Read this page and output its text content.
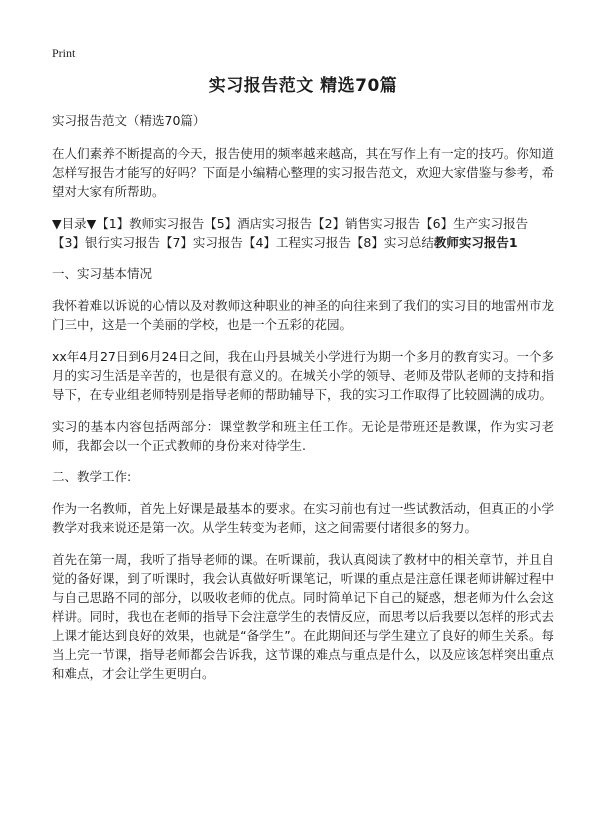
Print
实习报告范文 精选70篇
实习报告范文（精选70篇）

在人们素养不断提高的今天，报告使用的频率越来越高，其在写作上有一定的技巧。你知道怎样写报告才能写的好吗？下面是小编精心整理的实习报告范文，欢迎大家借鉴与参考，希望对大家有所帮助。

▼目录▼【1】教师实习报告【5】酒店实习报告【2】销售实习报告【6】生产实习报告【3】银行实习报告【7】实习报告【4】工程实习报告【8】实习总结教师实习报告1
一、实习基本情况

我怀着难以诉说的心情以及对教师这种职业的神圣的向往来到了我们的实习目的地雷州市龙门三中，这是一个美丽的学校，也是一个五彩的花园。

xx年4月27日到6月24日之间，我在山丹县城关小学进行为期一个多月的教育实习。一个多月的实习生活是辛苦的，也是很有意义的。在城关小学的领导、老师及带队老师的支持和指导下，在专业组老师特别是指导老师的帮助辅导下，我的实习工作取得了比较圆满的成功。

实习的基本内容包括两部分：课堂教学和班主任工作。无论是带班还是教课，作为实习老师，我都会以一个正式教师的身份来对待学生.

二、教学工作:

作为一名教师，首先上好课是最基本的要求。在实习前也有过一些试教活动，但真正的小学教学对我来说还是第一次。从学生转变为老师，这之间需要付诸很多的努力。

首先在第一周，我听了指导老师的课。在听课前，我认真阅读了教材中的相关章节，并且自觉的备好课，到了听课时，我会认真做好听课笔记，听课的重点是注意任课老师讲解过程中与自己思路不同的部分，以吸收老师的优点。同时简单记下自己的疑惑，想老师为什么会这样讲。同时，我也在老师的指导下会注意学生的表情反应，而思考以后我要以怎样的形式去上课才能达到良好的效果，也就是“备学生”。在此期间还与学生建立了良好的师生关系。每当上完一节课，指导老师都会告诉我，这节课的难点与重点是什么，以及应该怎样突出重点和难点，才会让学生更明白。
